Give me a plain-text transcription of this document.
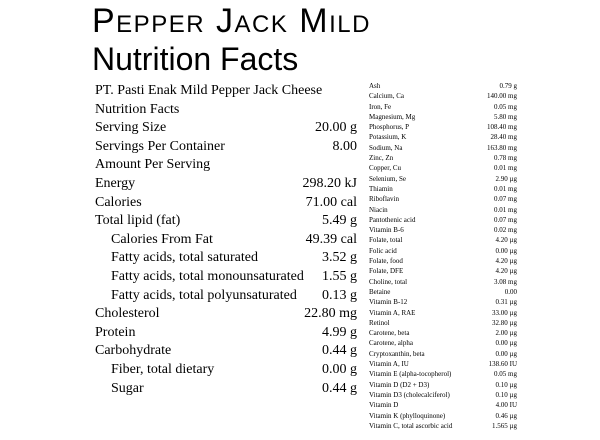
Pepper Jack Mild
Nutrition Facts
PT. Pasti Enak Mild Pepper Jack Cheese
Nutrition Facts
Serving Size	20.00 g
Servings Per Container	8.00
Amount Per Serving
Energy	298.20 kJ
Calories	71.00 cal
Total lipid (fat)	5.49 g
Calories From Fat	49.39 cal
Fatty acids, total saturated	3.52 g
Fatty acids, total monounsaturated 1.55 g
Fatty acids, total polyunsaturated 0.13 g
Cholesterol	22.80 mg
Protein	4.99 g
Carbohydrate	0.44 g
Fiber, total dietary	0.00 g
Sugar	0.44 g
Ash	0.79 g
Calcium, Ca	140.00 mg
Iron, Fe	0.05 mg
Magnesium, Mg	5.80 mg
Phosphorus, P	108.40 mg
Potassium, K	28.40 mg
Sodium, Na	163.80 mg
Zinc, Zn	0.78 mg
Copper, Cu	0.01 mg
Selenium, Se	2.90 µg
Thiamin	0.01 mg
Riboflavin	0.07 mg
Niacin	0.01 mg
Pantothenic acid	0.07 mg
Vitamin B-6	0.02 mg
Folate, total	4.20 µg
Folic acid	0.00 µg
Folate, food	4.20 µg
Folate, DFE	4.20 µg
Choline, total	3.08 mg
Betaine	0.00
Vitamin B-12	0.31 µg
Vitamin A, RAE	33.00 µg
Retinol	32.80 µg
Carotene, beta	2.00 µg
Carotene, alpha	0.00 µg
Cryptoxanthin, beta	0.00 µg
Vitamin A, IU	138.60 IU
Vitamin E (alpha-tocopherol)	0.05 mg
Vitamin D (D2 + D3)	0.10 µg
Vitamin D3 (cholecalciferol)	0.10 µg
Vitamin D	4.00 IU
Vitamin K (phylloquinone)	0.46 µg
Vitamin C, total ascorbic acid	1.565 µg
